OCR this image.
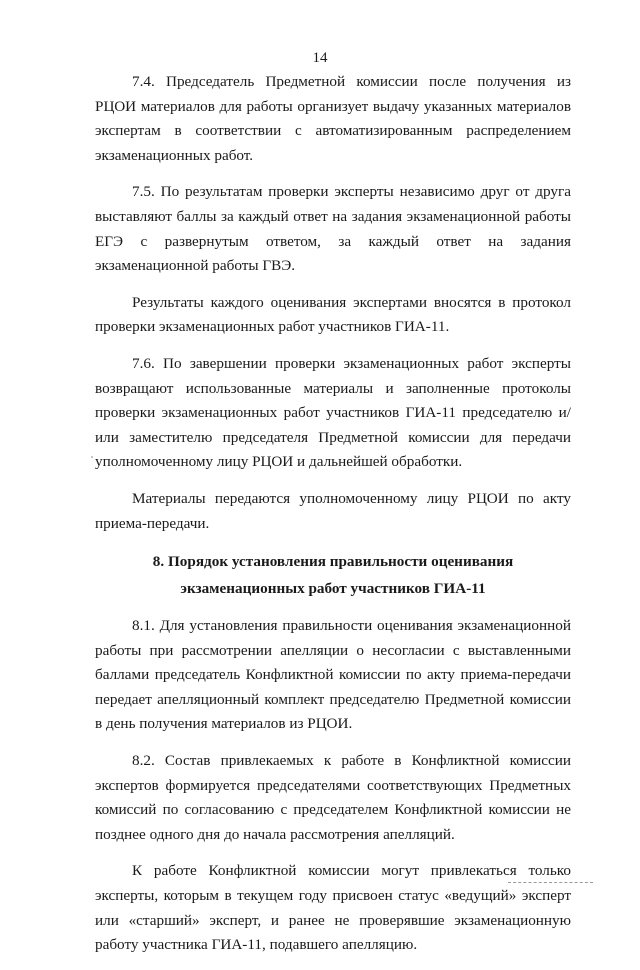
14

7.4. Председатель Предметной комиссии после получения из РЦОИ материалов для работы организует выдачу указанных материалов экспертам в соответствии с автоматизированным распределением экзаменационных работ.

7.5. По результатам проверки эксперты независимо друг от друга выставляют баллы за каждый ответ на задания экзаменационной работы ЕГЭ с развернутым ответом, за каждый ответ на задания экзаменационной работы ГВЭ.

Результаты каждого оценивания экспертами вносятся в протокол проверки экзаменационных работ участников ГИА-11.

7.6. По завершении проверки экзаменационных работ эксперты возвращают использованные материалы и заполненные протоколы проверки экзаменационных работ участников ГИА-11 председателю и/или заместителю председателя Предметной комиссии для передачи уполномоченному лицу РЦОИ и дальнейшей обработки.

Материалы передаются уполномоченному лицу РЦОИ по акту приема-передачи.

8. Порядок установления правильности оценивания
экзаменационных работ участников ГИА-11

8.1. Для установления правильности оценивания экзаменационной работы при рассмотрении апелляции о несогласии с выставленными баллами председатель Конфликтной комиссии по акту приема-передачи передает апелляционный комплект председателю Предметной комиссии в день получения материалов из РЦОИ.

8.2. Состав привлекаемых к работе в Конфликтной комиссии экспертов формируется председателями соответствующих Предметных комиссий по согласованию с председателем Конфликтной комиссии не позднее одного дня до начала рассмотрения апелляций.

К работе Конфликтной комиссии могут привлекаться только эксперты, которым в текущем году присвоен статус «ведущий» эксперт или «старший» эксперт, и ранее не проверявшие экзаменационную работу участника ГИА-11, подавшего апелляцию.
